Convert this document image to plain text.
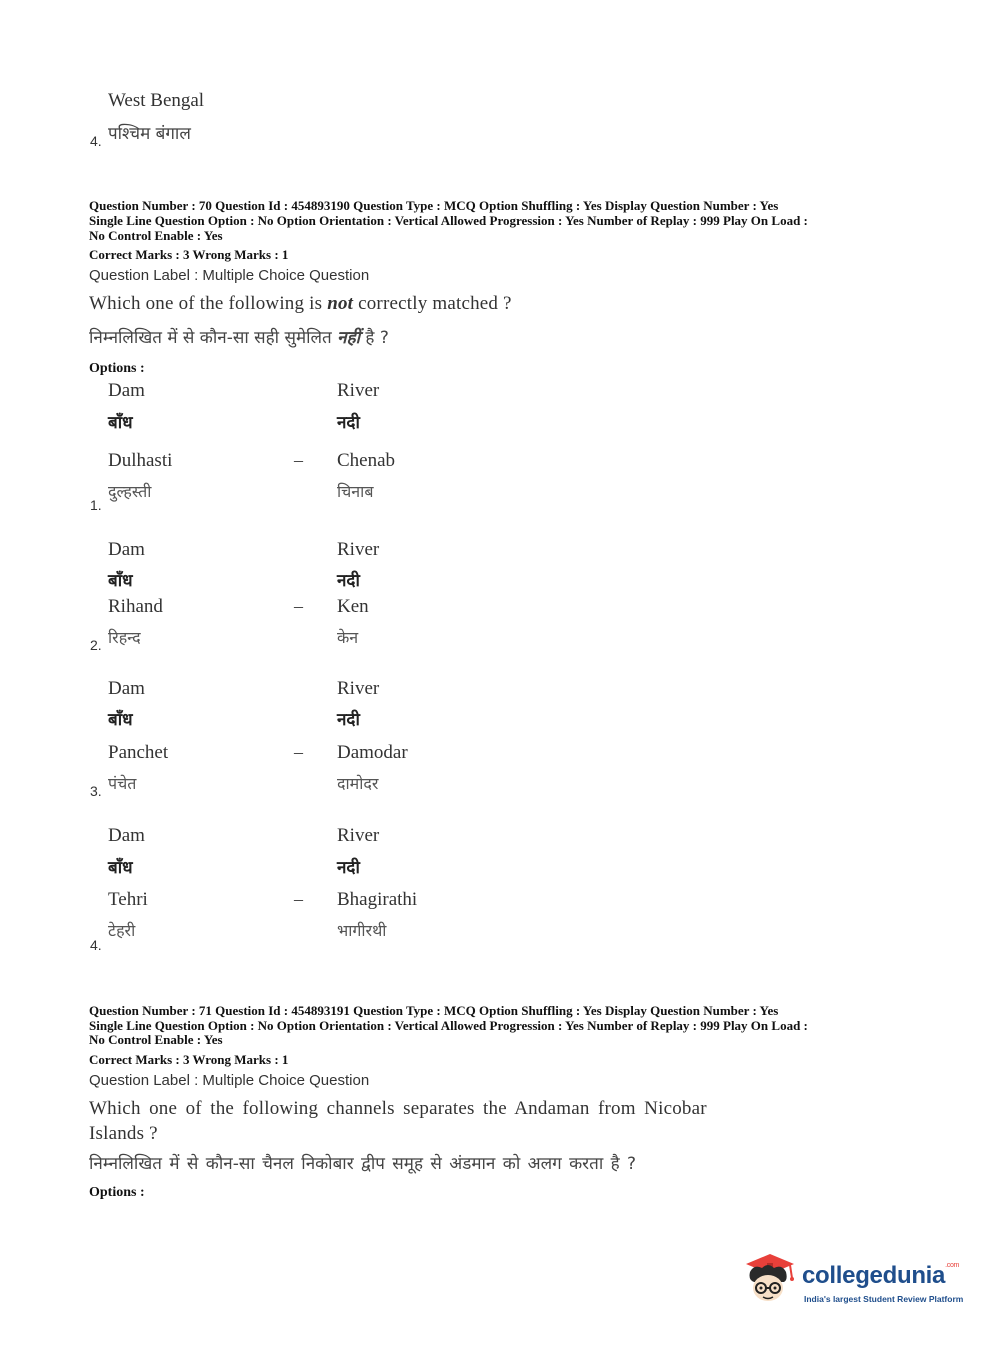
West Bengal
पश्चिम बंगाल
4.
Question Number : 70 Question Id : 454893190 Question Type : MCQ Option Shuffling : Yes Display Question Number : Yes
Single Line Question Option : No Option Orientation : Vertical Allowed Progression : Yes Number of Replay : 999 Play On Load :
No Control Enable : Yes
Correct Marks : 3 Wrong Marks : 1
Question Label : Multiple Choice Question
Which one of the following is not correctly matched ?
निम्नलिखित में से कौन-सा सही सुमेलित नहीं है ?
Options :
Dam	River
बाँध	नदी
Dulhasti	– Chenab
दुल्हस्ती	चिनाब
1.
Dam	River
बाँध	नदी
Rihand	– Ken
रिहन्द	केन
2.
Dam	River
बाँध	नदी
Panchet	– Damodar
पंचेत	दामोदर
3.
Dam	River
बाँध	नदी
Tehri	– Bhagirathi
टेहरी	भागीरथी
4.
Question Number : 71 Question Id : 454893191 Question Type : MCQ Option Shuffling : Yes Display Question Number : Yes
Single Line Question Option : No Option Orientation : Vertical Allowed Progression : Yes Number of Replay : 999 Play On Load :
No Control Enable : Yes
Correct Marks : 3 Wrong Marks : 1
Question Label : Multiple Choice Question
Which one of the following channels separates the Andaman from Nicobar
Islands ?
निम्नलिखित में से कौन-सा चैनल निकोबार द्वीप समूह से अंडमान को अलग करता है ?
Options :
collegedunia$^{.com}$
India's largest Student Review Platform
